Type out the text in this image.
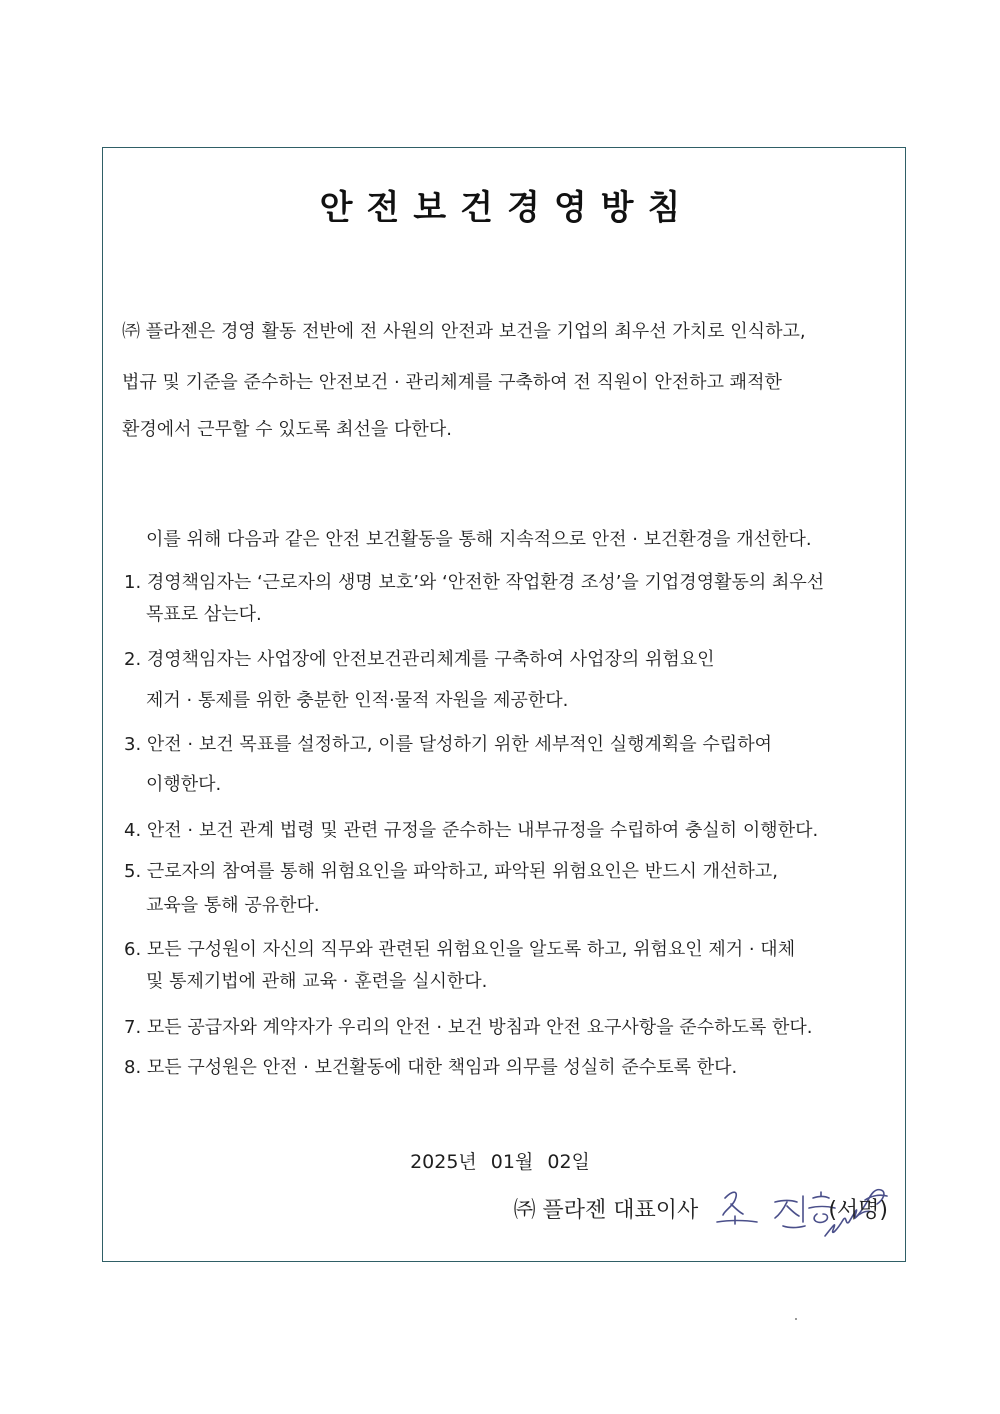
안전보건경영방침
㈜ 플라젠은 경영 활동 전반에 전 사원의 안전과 보건을 기업의 최우선 가치로 인식하고,
법규 및 기준을 준수하는 안전보건 · 관리체계를 구축하여 전 직원이 안전하고 쾌적한
환경에서 근무할 수 있도록 최선을 다한다.
이를 위해 다음과 같은 안전 보건활동을 통해 지속적으로 안전 · 보건환경을 개선한다.
1. 경영책임자는 ‘근로자의 생명 보호’와 ‘안전한 작업환경 조성’을 기업경영활동의 최우선
목표로 삼는다.
2. 경영책임자는 사업장에 안전보건관리체계를 구축하여 사업장의 위험요인
제거 · 통제를 위한 충분한 인적·물적 자원을 제공한다.
3. 안전 · 보건 목표를 설정하고, 이를 달성하기 위한 세부적인 실행계획을 수립하여
이행한다.
4. 안전 · 보건 관계 법령 및 관련 규정을 준수하는 내부규정을 수립하여 충실히 이행한다.
5. 근로자의 참여를 통해 위험요인을 파악하고, 파악된 위험요인은 반드시 개선하고,
교육을 통해 공유한다.
6. 모든 구성원이 자신의 직무와 관련된 위험요인을 알도록 하고, 위험요인 제거 · 대체
및 통제기법에 관해 교육 · 훈련을 실시한다.
7. 모든 공급자와 계약자가 우리의 안전 · 보건 방침과 안전 요구사항을 준수하도록 한다.
8. 모든 구성원은 안전 · 보건활동에 대한 책임과 의무를 성실히 준수토록 한다.
2025년 01월 02일
㈜ 플라젠 대표이사	(서명)
